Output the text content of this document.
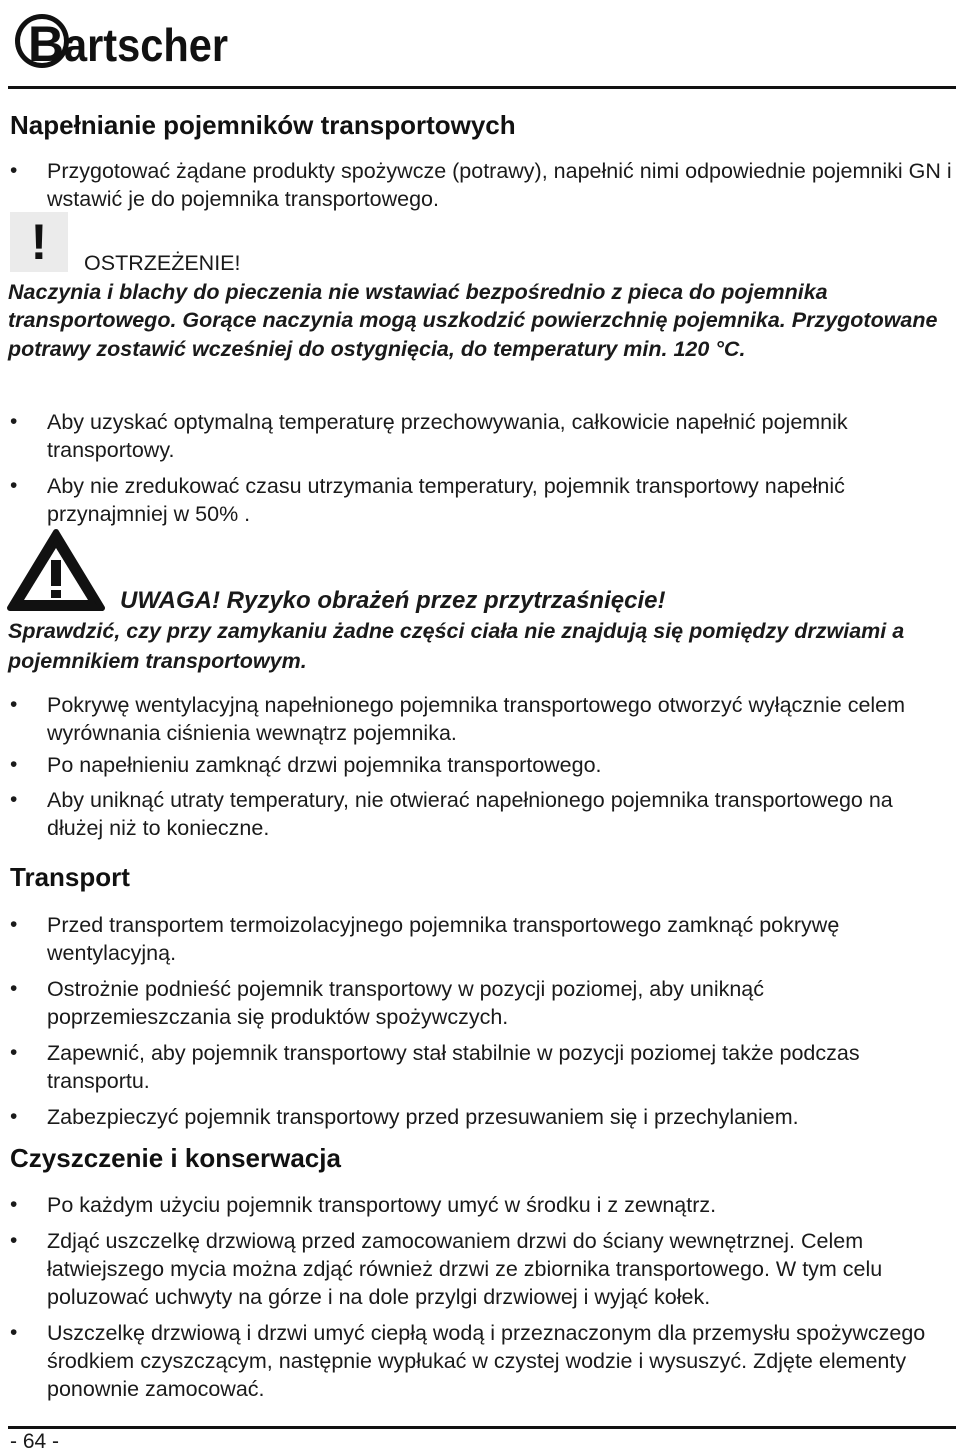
B artscher
Napełnianie pojemników transportowych
• Przygotować żądane produkty spożywcze (potrawy), napełnić nimi odpowiednie pojemniki GN i wstawić je do pojemnika transportowego.
!	OSTRZEŻENIE!
Naczynia i blachy do pieczenia nie wstawiać bezpośrednio z pieca do pojemnika transportowego. Gorące naczynia mogą uszkodzić powierzchnię pojemnika. Przygotowane potrawy zostawić wcześniej do ostygnięcia, do temperatury min. 120 °C.
• Aby uzyskać optymalną temperaturę przechowywania, całkowicie napełnić pojemnik transportowy.
• Aby nie zredukować czasu utrzymania temperatury, pojemnik transportowy napełnić przynajmniej w 50% .
UWAGA! Ryzyko obrażeń przez przytrzaśnięcie!
Sprawdzić, czy przy zamykaniu żadne części ciała nie znajdują się pomiędzy drzwiami a pojemnikiem transportowym.
• Pokrywę wentylacyjną napełnionego pojemnika transportowego otworzyć wyłącznie celem wyrównania ciśnienia wewnątrz pojemnika.
• Po napełnieniu zamknąć drzwi pojemnika transportowego.
• Aby uniknąć utraty temperatury, nie otwierać napełnionego pojemnika transportowego na dłużej niż to konieczne.
Transport
• Przed transportem termoizolacyjnego pojemnika transportowego zamknąć pokrywę wentylacyjną.
• Ostrożnie podnieść pojemnik transportowy w pozycji poziomej, aby uniknąć poprzemieszczania się produktów spożywczych.
• Zapewnić, aby pojemnik transportowy stał stabilnie w pozycji poziomej także podczas transportu.
• Zabezpieczyć pojemnik transportowy przed przesuwaniem się i przechylaniem.
Czyszczenie i konserwacja
• Po każdym użyciu pojemnik transportowy umyć w środku i z zewnątrz.
• Zdjąć uszczelkę drzwiową przed zamocowaniem drzwi do ściany wewnętrznej. Celem łatwiejszego mycia można zdjąć również drzwi ze zbiornika transportowego. W tym celu poluzować uchwyty na górze i na dole przylgi drzwiowej i wyjąć kołek.
• Uszczelkę drzwiową i drzwi umyć ciepłą wodą i przeznaczonym dla przemysłu spożywczego środkiem czyszczącym, następnie wypłukać w czystej wodzie i wysuszyć. Zdjęte elementy ponownie zamocować.
- 64 -
